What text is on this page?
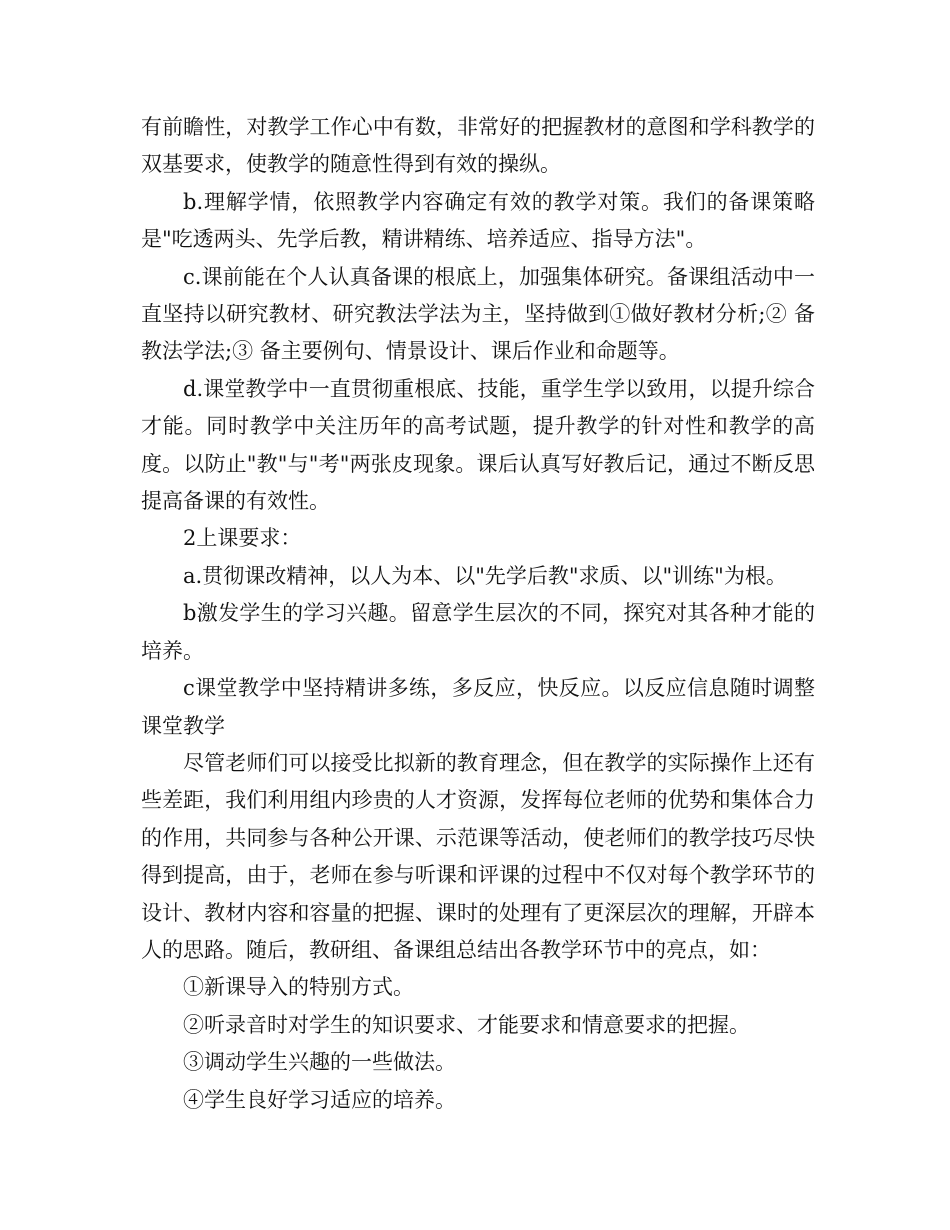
有前瞻性，对教学工作心中有数，非常好的把握教材的意图和学科教学的双基要求，使教学的随意性得到有效的操纵。

b.理解学情，依照教学内容确定有效的教学对策。我们的备课策略是"吃透两头、先学后教，精讲精练、培养适应、指导方法"。

c.课前能在个人认真备课的根底上，加强集体研究。备课组活动中一直坚持以研究教材、研究教法学法为主，坚持做到①做好教材分析;② 备教法学法;③ 备主要例句、情景设计、课后作业和命题等。

d.课堂教学中一直贯彻重根底、技能，重学生学以致用，以提升综合才能。同时教学中关注历年的高考试题，提升教学的针对性和教学的高度。以防止"教"与"考"两张皮现象。课后认真写好教后记，通过不断反思提高备课的有效性。

2上课要求：

a.贯彻课改精神，以人为本、以"先学后教"求质、以"训练"为根。

b激发学生的学习兴趣。留意学生层次的不同，探究对其各种才能的培养。

c课堂教学中坚持精讲多练，多反应，快反应。以反应信息随时调整课堂教学

尽管老师们可以接受比拟新的教育理念，但在教学的实际操作上还有些差距，我们利用组内珍贵的人才资源，发挥每位老师的优势和集体合力的作用，共同参与各种公开课、示范课等活动，使老师们的教学技巧尽快得到提高，由于，老师在参与听课和评课的过程中不仅对每个教学环节的设计、教材内容和容量的把握、课时的处理有了更深层次的理解，开辟本人的思路。随后，教研组、备课组总结出各教学环节中的亮点，如：

①新课导入的特别方式。

②听录音时对学生的知识要求、才能要求和情意要求的把握。

③调动学生兴趣的一些做法。

④学生良好学习适应的培养。
